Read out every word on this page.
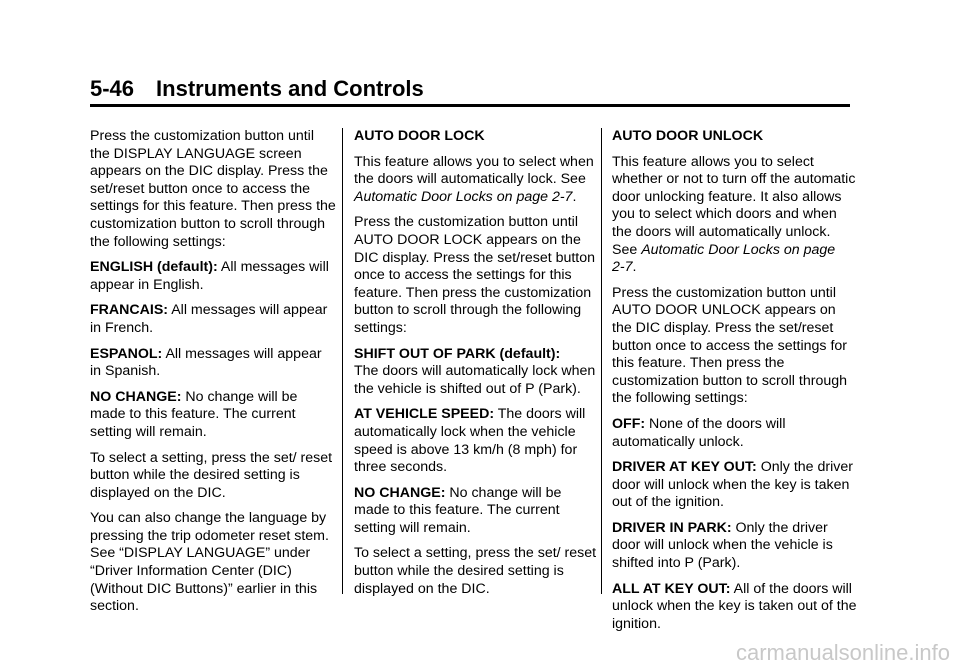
5-46 Instruments and Controls

Press the customization button until the DISPLAY LANGUAGE screen appears on the DIC display. Press the set/reset button once to access the settings for this feature. Then press the customization button to scroll through the following settings:

ENGLISH (default): All messages will appear in English.

FRANCAIS: All messages will appear in French.

ESPANOL: All messages will appear in Spanish.

NO CHANGE: No change will be made to this feature. The current setting will remain.

To select a setting, press the set/ reset button while the desired setting is displayed on the DIC.

You can also change the language by pressing the trip odometer reset stem. See “DISPLAY LANGUAGE” under “Driver Information Center (DIC) (Without DIC Buttons)” earlier in this section.

AUTO DOOR LOCK

This feature allows you to select when the doors will automatically lock. See Automatic Door Locks on page 2‑7.

Press the customization button until AUTO DOOR LOCK appears on the DIC display. Press the set/reset button once to access the settings for this feature. Then press the customization button to scroll through the following settings:

SHIFT OUT OF PARK (default):
The doors will automatically lock when the vehicle is shifted out of P (Park).

AT VEHICLE SPEED: The doors will automatically lock when the vehicle speed is above 13 km/h (8 mph) for three seconds.

NO CHANGE: No change will be made to this feature. The current setting will remain.

To select a setting, press the set/ reset button while the desired setting is displayed on the DIC.

AUTO DOOR UNLOCK

This feature allows you to select whether or not to turn off the automatic door unlocking feature. It also allows you to select which doors and when the doors will automatically unlock. See Automatic Door Locks on page 2‑7.

Press the customization button until AUTO DOOR UNLOCK appears on the DIC display. Press the set/reset button once to access the settings for this feature. Then press the customization button to scroll through the following settings:

OFF: None of the doors will automatically unlock.

DRIVER AT KEY OUT: Only the driver door will unlock when the key is taken out of the ignition.

DRIVER IN PARK: Only the driver door will unlock when the vehicle is shifted into P (Park).

ALL AT KEY OUT: All of the doors will unlock when the key is taken out of the ignition.

carmanualsonline.info
